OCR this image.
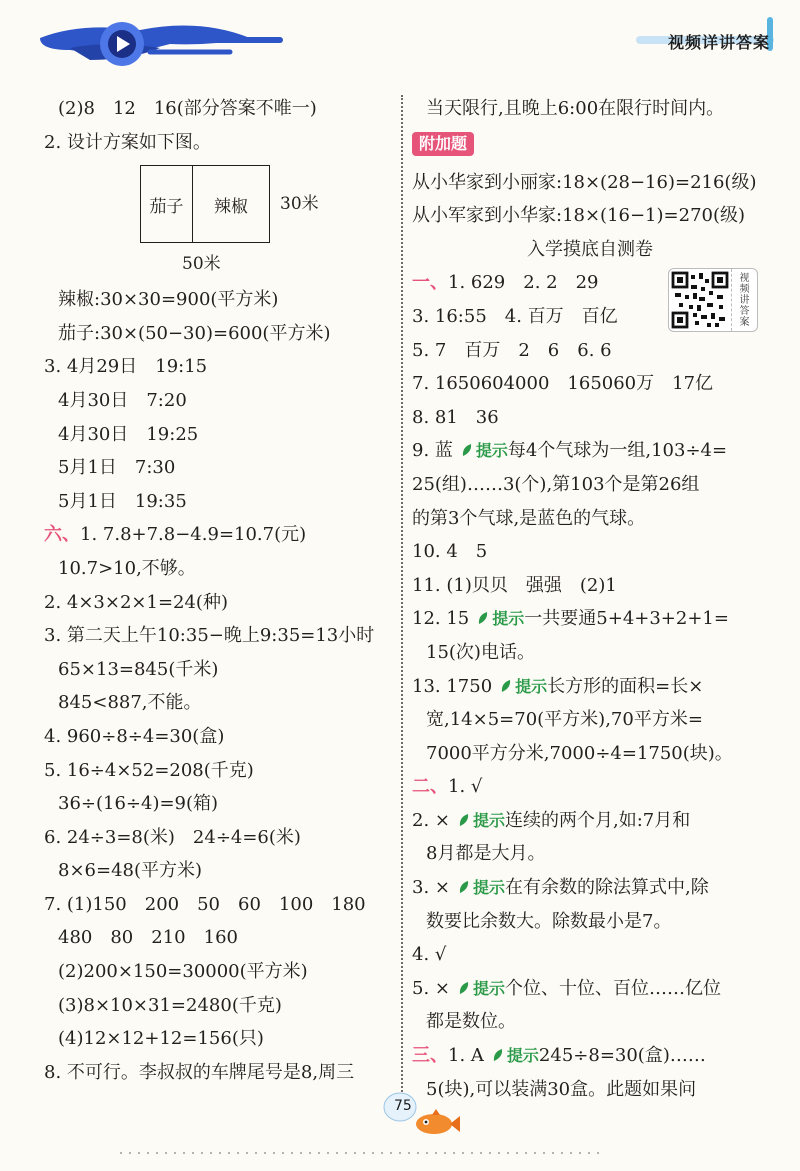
视频详讲答案
(2)8　12　16(部分答案不唯一)
2. 设计方案如下图。
茄子	辣椒	30米
50米
辣椒:30×30=900(平方米)
茄子:30×(50−30)=600(平方米)
3. 4月29日　19:15
4月30日　7:20
4月30日　19:25
5月1日　7:30
5月1日　19:35
六、1. 7.8+7.8−4.9=10.7(元)
10.7>10,不够。
2. 4×3×2×1=24(种)
3. 第二天上午10:35−晚上9:35=13小时
65×13=845(千米)
845<887,不能。
4. 960÷8÷4=30(盒)
5. 16÷4×52=208(千克)
36÷(16÷4)=9(箱)
6. 24÷3=8(米)　24÷4=6(米)
8×6=48(平方米)
7. (1)150　200　50　60　100　180
480　80　210　160
(2)200×150=30000(平方米)
(3)8×10×31=2480(千克)
(4)12×12+12=156(只)
8. 不可行。李叔叔的车牌尾号是8,周三
当天限行,且晚上6:00在限行时间内。
附加题
从小华家到小丽家:18×(28−16)=216(级)
从小军家到小华家:18×(16−1)=270(级)
入学摸底自测卷
一、1. 629　2. 2　29
3. 16:55　4. 百万　百亿
5. 7　百万　2　6　6. 6
7. 1650604000　165060万　17亿
8. 81　36
9. 蓝 提示每4个气球为一组,103÷4=
25(组)……3(个),第103个是第26组
的第3个气球,是蓝色的气球。
10. 4　5
11. (1)贝贝　强强　(2)1
12. 15 提示一共要通5+4+3+2+1=
15(次)电话。
13. 1750 提示长方形的面积=长×
宽,14×5=70(平方米),70平方米=
7000平方分米,7000÷4=1750(块)。
二、1. √
2. × 提示连续的两个月,如:7月和
8月都是大月。
3. × 提示在有余数的除法算式中,除
数要比余数大。除数最小是7。
4. √
5. × 提示个位、十位、百位……亿位
都是数位。
三、1. A 提示245÷8=30(盒)……
5(块),可以装满30盒。此题如果问
视
频
讲
答
案
75
